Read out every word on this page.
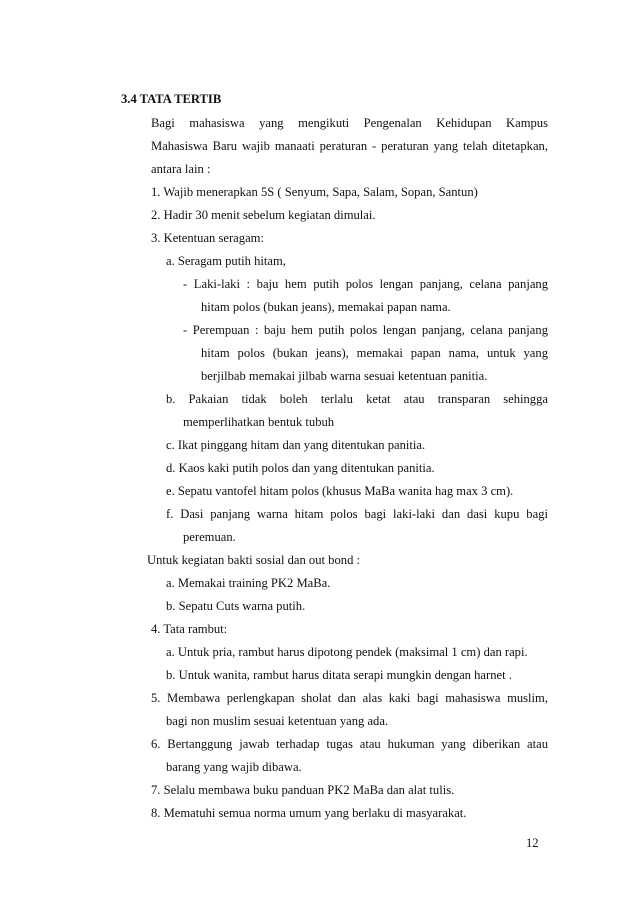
3.4 TATA TERTIB
Bagi mahasiswa yang mengikuti Pengenalan Kehidupan Kampus
Mahasiswa Baru wajib manaati peraturan - peraturan yang telah ditetapkan,
antara lain :
1. Wajib menerapkan 5S ( Senyum, Sapa, Salam, Sopan, Santun)
2. Hadir 30 menit sebelum kegiatan dimulai.
3. Ketentuan seragam:
a. Seragam putih hitam,
- Laki-laki : baju hem putih polos lengan panjang, celana panjang
hitam polos (bukan jeans), memakai papan nama.
- Perempuan : baju hem putih polos lengan panjang, celana panjang
hitam polos (bukan jeans), memakai papan nama, untuk yang
berjilbab memakai jilbab warna sesuai ketentuan panitia.
b. Pakaian tidak boleh terlalu ketat atau transparan sehingga
memperlihatkan bentuk tubuh
c. Ikat pinggang hitam dan yang ditentukan panitia.
d. Kaos kaki putih polos dan yang ditentukan panitia.
e. Sepatu vantofel hitam polos (khusus MaBa wanita hag max 3 cm).
f. Dasi panjang warna hitam polos bagi laki-laki dan dasi kupu bagi
peremuan.
Untuk kegiatan bakti sosial dan out bond :
a. Memakai training PK2 MaBa.
b. Sepatu Cuts warna putih.
4. Tata rambut:
a. Untuk pria, rambut harus dipotong pendek (maksimal 1 cm) dan rapi.
b. Untuk wanita, rambut harus ditata serapi mungkin dengan harnet .
5. Membawa perlengkapan sholat dan alas kaki bagi mahasiswa muslim,
bagi non muslim sesuai ketentuan yang ada.
6. Bertanggung jawab terhadap tugas atau hukuman yang diberikan atau
barang yang wajib dibawa.
7. Selalu membawa buku panduan PK2 MaBa dan alat tulis.
8. Mematuhi semua norma umum yang berlaku di masyarakat.
12
